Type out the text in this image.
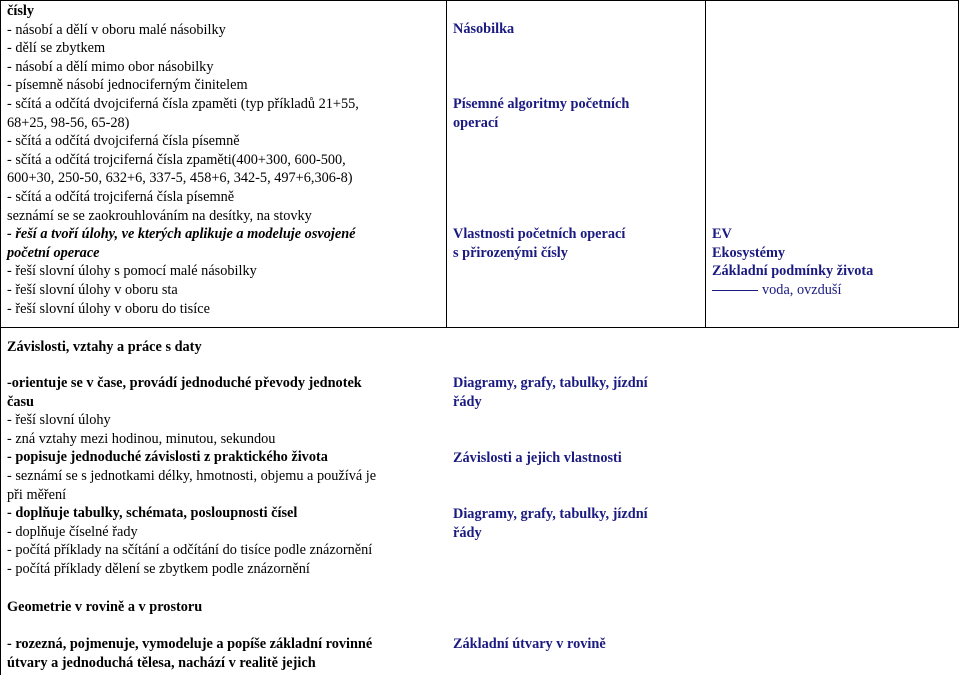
čísly
- násobí a dělí v oboru malé násobilky
- dělí se zbytkem
- násobí a dělí mimo obor násobilky
- písemně násobí jednociferným činitelem
- sčítá a odčítá dvojciferná čísla zpaměti (typ příkladů 21+55,
68+25, 98-56, 65-28)
- sčítá a odčítá dvojciferná čísla písemně
- sčítá a odčítá trojciferná čísla zpaměti(400+300, 600-500,
600+30, 250-50, 632+6, 337-5, 458+6, 342-5, 497+6,306-8)
- sčítá a odčítá trojciferná čísla písemně
seznámí se se zaokrouhlováním na desítky, na stovky
- řeší a tvoří úlohy, ve kterých aplikuje a modeluje osvojené
početní operace
- řeší slovní úlohy s pomocí malé násobilky
- řeší slovní úlohy v oboru sta
- řeší slovní úlohy v oboru do tisíce
Násobilka
Písemné algoritmy početních
operací
Vlastnosti početních operací
s přirozenými čísly
EV
Ekosystémy
Základní podmínky života
voda, ovzduší
Závislosti, vztahy a práce s daty
-orientuje se v čase, provádí jednoduché převody jednotek
času
- řeší slovní úlohy
- zná vztahy mezi hodinou, minutou, sekundou
- popisuje jednoduché závislosti z praktického života
- seznámí se s jednotkami délky, hmotnosti, objemu a používá je
při měření
- doplňuje tabulky, schémata, posloupnosti čísel
- doplňuje číselné řady
- počítá příklady na sčítání a odčítání do tisíce podle znázornění
- počítá příklady dělení se zbytkem podle znázornění
Diagramy, grafy, tabulky, jízdní
řády
Závislosti a jejich vlastnosti
Diagramy, grafy, tabulky, jízdní
řády
Geometrie v rovině a v prostoru
- rozezná, pojmenuje, vymodeluje a popíše základní rovinné
útvary a jednoduchá tělesa, nachází v realitě jejich
Základní útvary v rovině
